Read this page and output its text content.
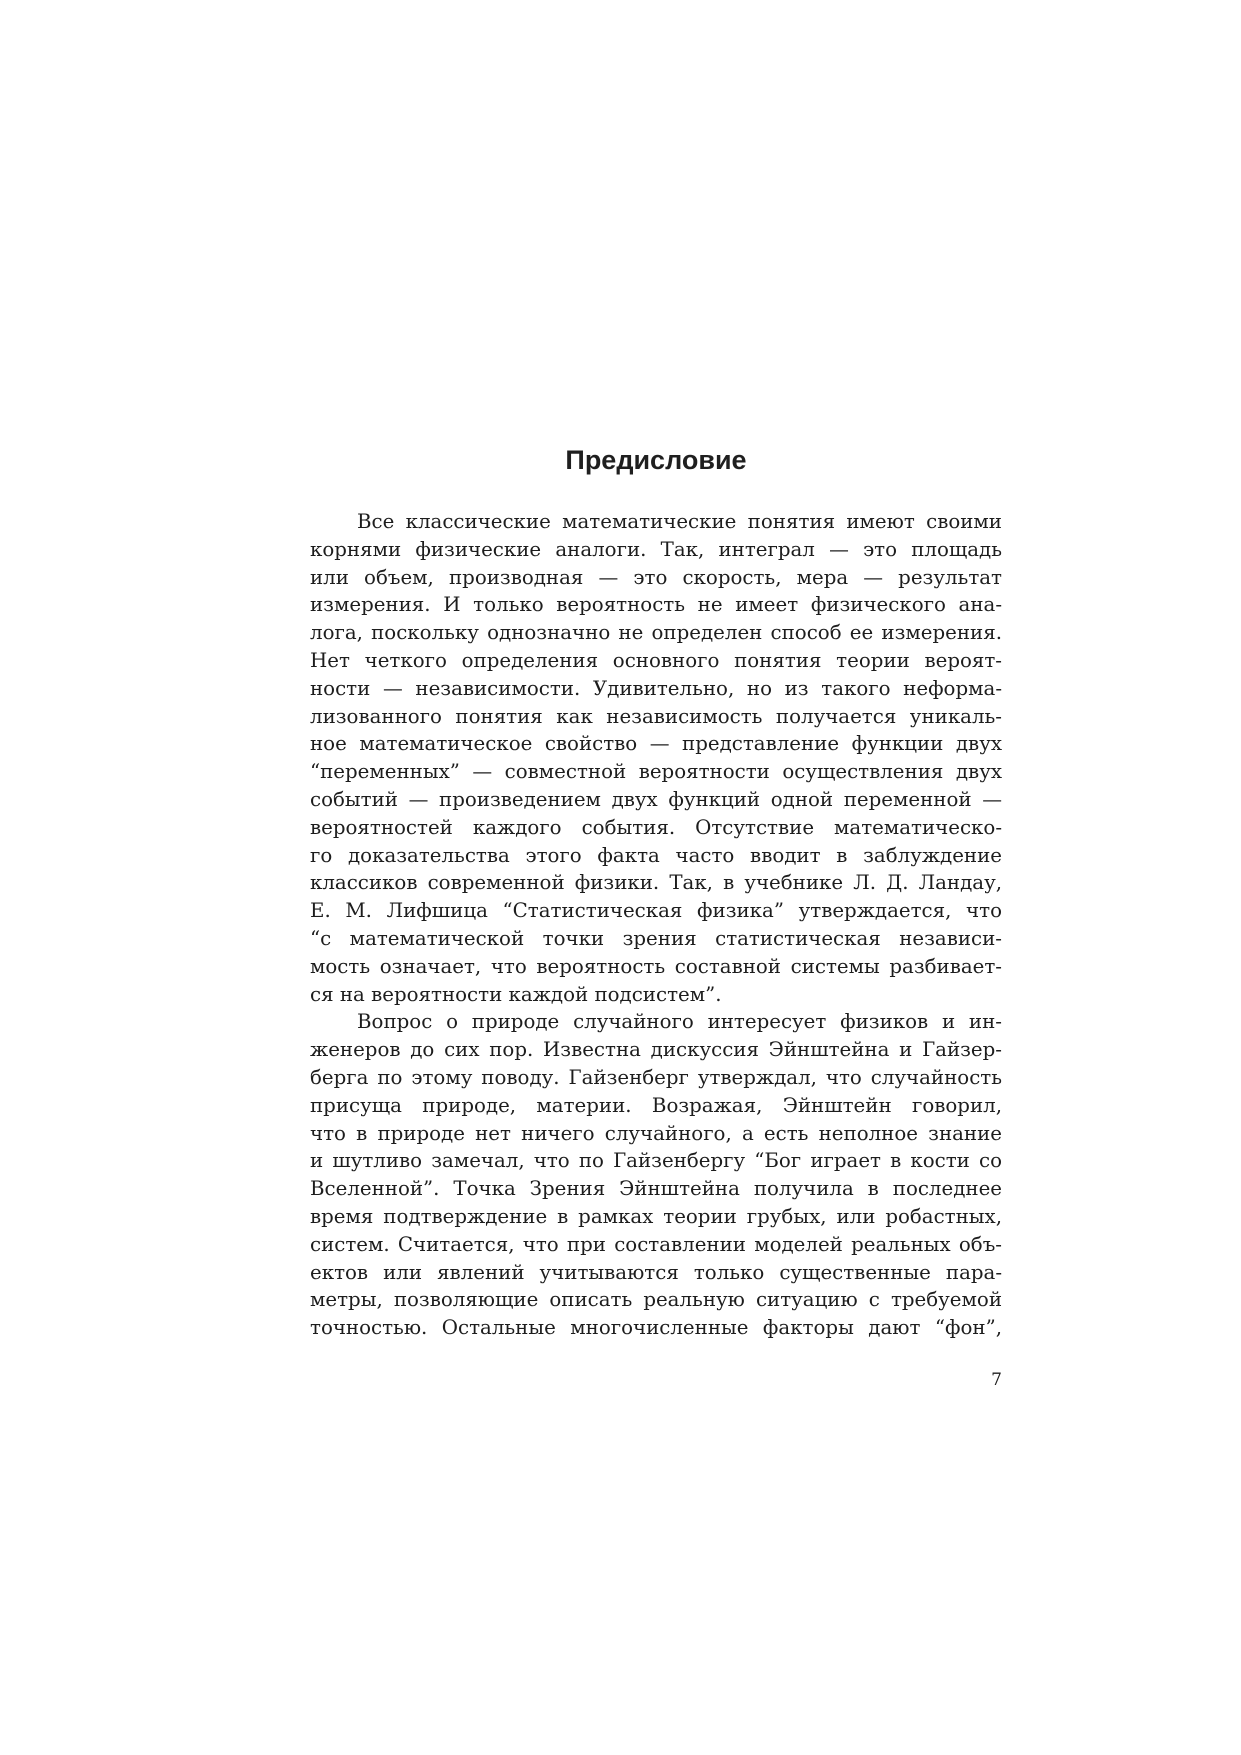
Предисловие
Все классические математические понятия имеют своими
корнями физические аналоги. Так, интеграл — это площадь
или объем, производная — это скорость, мера — результат
измерения. И только вероятность не имеет физического ана-
лога, поскольку однозначно не определен способ ее измерения.
Нет четкого определения основного понятия теории вероят-
ности — независимости. Удивительно, но из такого неформа-
лизованного понятия как независимость получается уникаль-
ное математическое свойство — представление функции двух
“переменных” — совместной вероятности осуществления двух
событий — произведением двух функций одной переменной —
вероятностей каждого события. Отсутствие математическо-
го доказательства этого факта часто вводит в заблуждение
классиков современной физики. Так, в учебнике Л. Д. Ландау,
Е. М. Лифшица “Статистическая физика” утверждается, что
“с математической точки зрения статистическая независи-
мость означает, что вероятность составной системы разбивает-
ся на вероятности каждой подсистем”.
Вопрос о природе случайного интересует физиков и ин-
женеров до сих пор. Известна дискуссия Эйнштейна и Гайзер-
берга по этому поводу. Гайзенберг утверждал, что случайность
присуща природе, материи. Возражая, Эйнштейн говорил,
что в природе нет ничего случайного, а есть неполное знание
и шутливо замечал, что по Гайзенбергу “Бог играет в кости со
Вселенной”. Точка Зрения Эйнштейна получила в последнее
время подтверждение в рамках теории грубых, или робастных,
систем. Считается, что при составлении моделей реальных объ-
ектов или явлений учитываются только существенные пара-
метры, позволяющие описать реальную ситуацию с требуемой
точностью. Остальные многочисленные факторы дают “фон”,
7
